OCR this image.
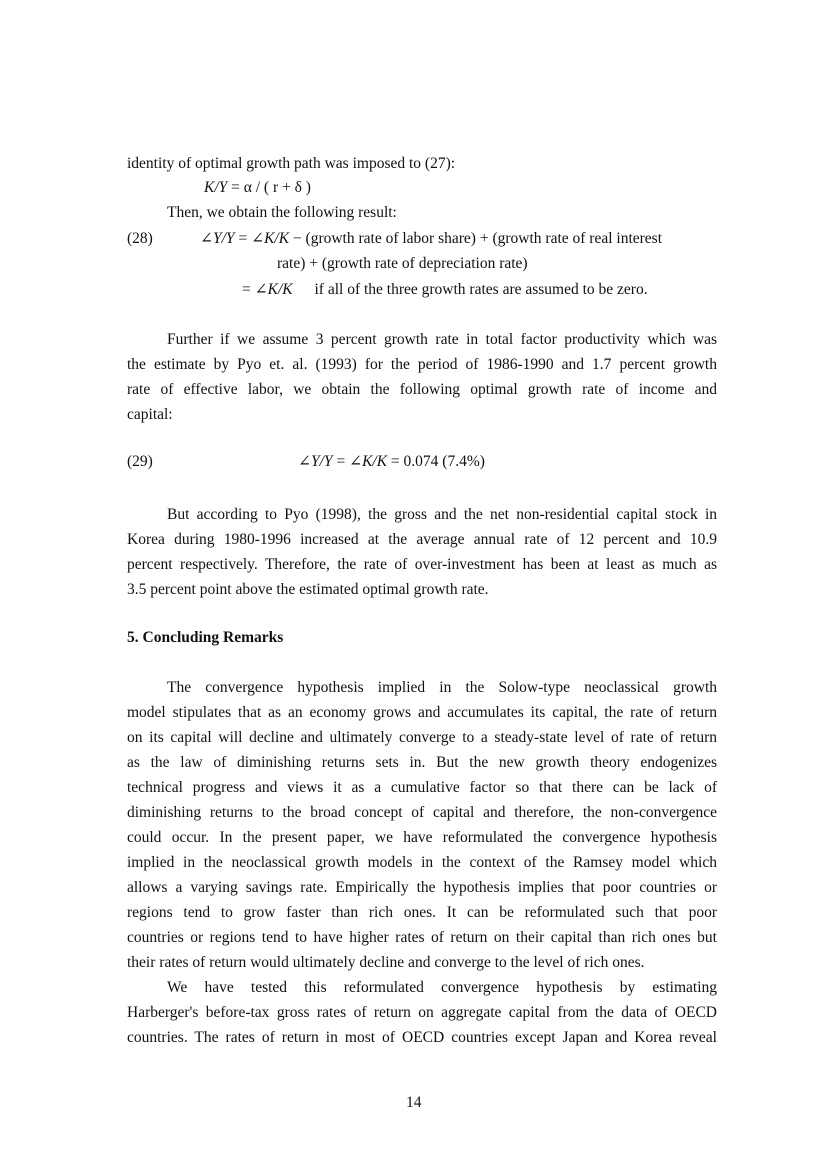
identity of optimal growth path was imposed to (27):
K/Y = α / ( r + δ )
Then, we obtain the following result:
(28)	∠Y/Y = ∠K/K − (growth rate of labor share) + (growth rate of real interest
rate) + (growth rate of depreciation rate)
= ∠K/K if all of the three growth rates are assumed to be zero.
Further if we assume 3 percent growth rate in total factor productivity which was
the estimate by Pyo et. al. (1993) for the period of 1986-1990 and 1.7 percent growth
rate of effective labor, we obtain the following optimal growth rate of income and
capital:
(29)	∠Y/Y = ∠K/K = 0.074 (7.4%)
But according to Pyo (1998), the gross and the net non-residential capital stock in
Korea during 1980-1996 increased at the average annual rate of 12 percent and 10.9
percent respectively. Therefore, the rate of over-investment has been at least as much as
3.5 percent point above the estimated optimal growth rate.
5. Concluding Remarks
The convergence hypothesis implied in the Solow-type neoclassical growth
model stipulates that as an economy grows and accumulates its capital, the rate of return
on its capital will decline and ultimately converge to a steady-state level of rate of return
as the law of diminishing returns sets in. But the new growth theory endogenizes
technical progress and views it as a cumulative factor so that there can be lack of
diminishing returns to the broad concept of capital and therefore, the non-convergence
could occur. In the present paper, we have reformulated the convergence hypothesis
implied in the neoclassical growth models in the context of the Ramsey model which
allows a varying savings rate. Empirically the hypothesis implies that poor countries or
regions tend to grow faster than rich ones. It can be reformulated such that poor
countries or regions tend to have higher rates of return on their capital than rich ones but
their rates of return would ultimately decline and converge to the level of rich ones.
We have tested this reformulated convergence hypothesis by estimating
Harberger's before-tax gross rates of return on aggregate capital from the data of OECD
countries. The rates of return in most of OECD countries except Japan and Korea reveal
14
